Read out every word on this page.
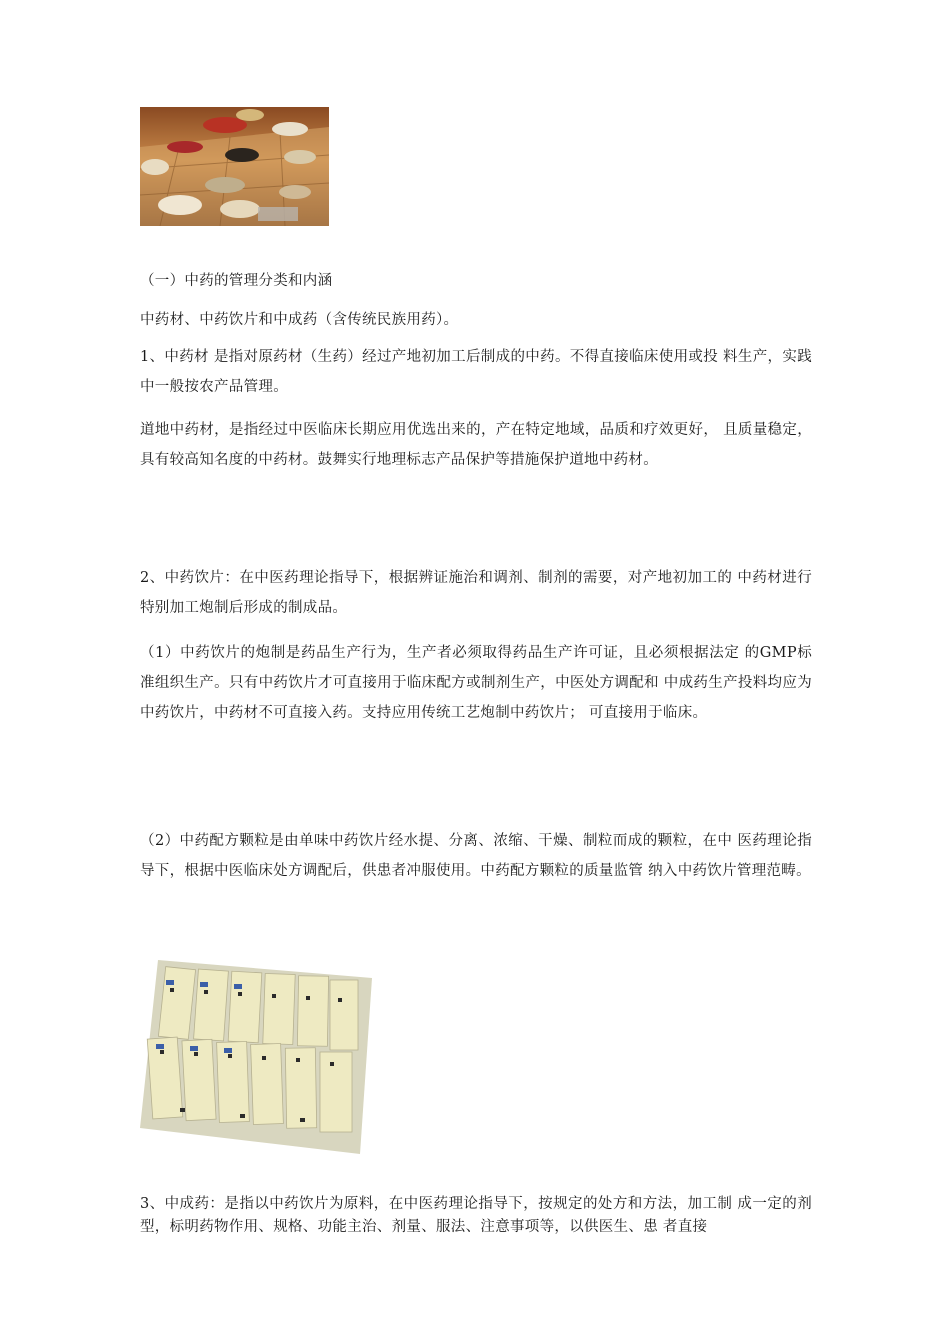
（一）中药的管理分类和内涵

中药材、中药饮片和中成药（含传统民族用药）。

1、中药材 是指对原药材（生药）经过产地初加工后制成的中药。不得直接临床使用或投 料生产，实践中一般按农产品管理。

道地中药材，是指经过中医临床长期应用优选出来的，产在特定地域，品质和疗效更好， 且质量稳定，具有较高知名度的中药材。鼓舞实行地理标志产品保护等措施保护道地中药材。

2、中药饮片：在中医药理论指导下，根据辨证施治和调剂、制剂的需要，对产地初加工的 中药材进行特别加工炮制后形成的制成品。

（1）中药饮片的炮制是药品生产行为，生产者必须取得药品生产许可证，且必须根据法定 的GMP标准组织生产。只有中药饮片才可直接用于临床配方或制剂生产，中医处方调配和 中成药生产投料均应为中药饮片，中药材不可直接入药。支持应用传统工艺炮制中药饮片； 可直接用于临床。

（2）中药配方颗粒是由单味中药饮片经水提、分离、浓缩、干燥、制粒而成的颗粒，在中 医药理论指导下，根据中医临床处方调配后，供患者冲服使用。中药配方颗粒的质量监管 纳入中药饮片管理范畴。

3、中成药：是指以中药饮片为原料，在中医药理论指导下，按规定的处方和方法，加工制 成一定的剂型，标明药物作用、规格、功能主治、剂量、服法、注意事项等，以供医生、患 者直接
